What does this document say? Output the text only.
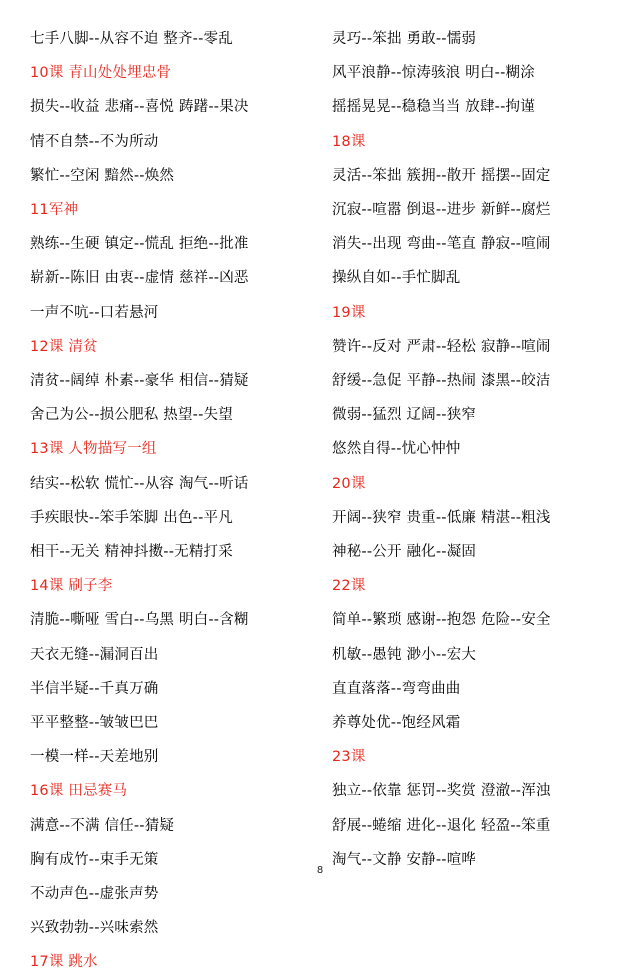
七手八脚--从容不迫 整齐--零乱
10课 青山处处埋忠骨
损失--收益 悲痛--喜悦 踌躇--果决
情不自禁--不为所动
繁忙--空闲 黯然--焕然
11军神
熟练--生硬 镇定--慌乱 拒绝--批准
崭新--陈旧 由衷--虚情 慈祥--凶恶
一声不吭--口若悬河
12课 清贫
清贫--阔绰 朴素--豪华 相信--猜疑
舍己为公--损公肥私 热望--失望
13课 人物描写一组
结实--松软 慌忙--从容 淘气--听话
手疾眼快--笨手笨脚 出色--平凡
相干--无关 精神抖擞--无精打采
14课 刷子李
清脆--嘶哑 雪白--乌黑 明白--含糊
天衣无缝--漏洞百出
半信半疑--千真万确
平平整整--皱皱巴巴
一模一样--天差地别
16课 田忌赛马
满意--不满 信任--猜疑
胸有成竹--束手无策
不动声色--虚张声势
兴致勃勃--兴味索然
17课 跳水
灵巧--笨拙 勇敢--懦弱
风平浪静--惊涛骇浪 明白--糊涂
摇摇晃晃--稳稳当当 放肆--拘谨
18课
灵活--笨拙 簇拥--散开 摇摆--固定
沉寂--喧嚣 倒退--进步 新鲜--腐烂
消失--出现 弯曲--笔直 静寂--喧闹
操纵自如--手忙脚乱
19课
赞许--反对 严肃--轻松 寂静--喧闹
舒缓--急促 平静--热闹 漆黑--皎洁
微弱--猛烈 辽阔--狭窄
悠然自得--忧心忡忡
20课
开阔--狭窄 贵重--低廉 精湛--粗浅
神秘--公开 融化--凝固
22课
简单--繁琐 感谢--抱怨 危险--安全
机敏--愚钝 渺小--宏大
直直落落--弯弯曲曲
养尊处优--饱经风霜
23课
独立--依靠 惩罚--奖赏 澄澈--浑浊
舒展--蜷缩 进化--退化 轻盈--笨重
淘气--文静 安静--喧哗
8
